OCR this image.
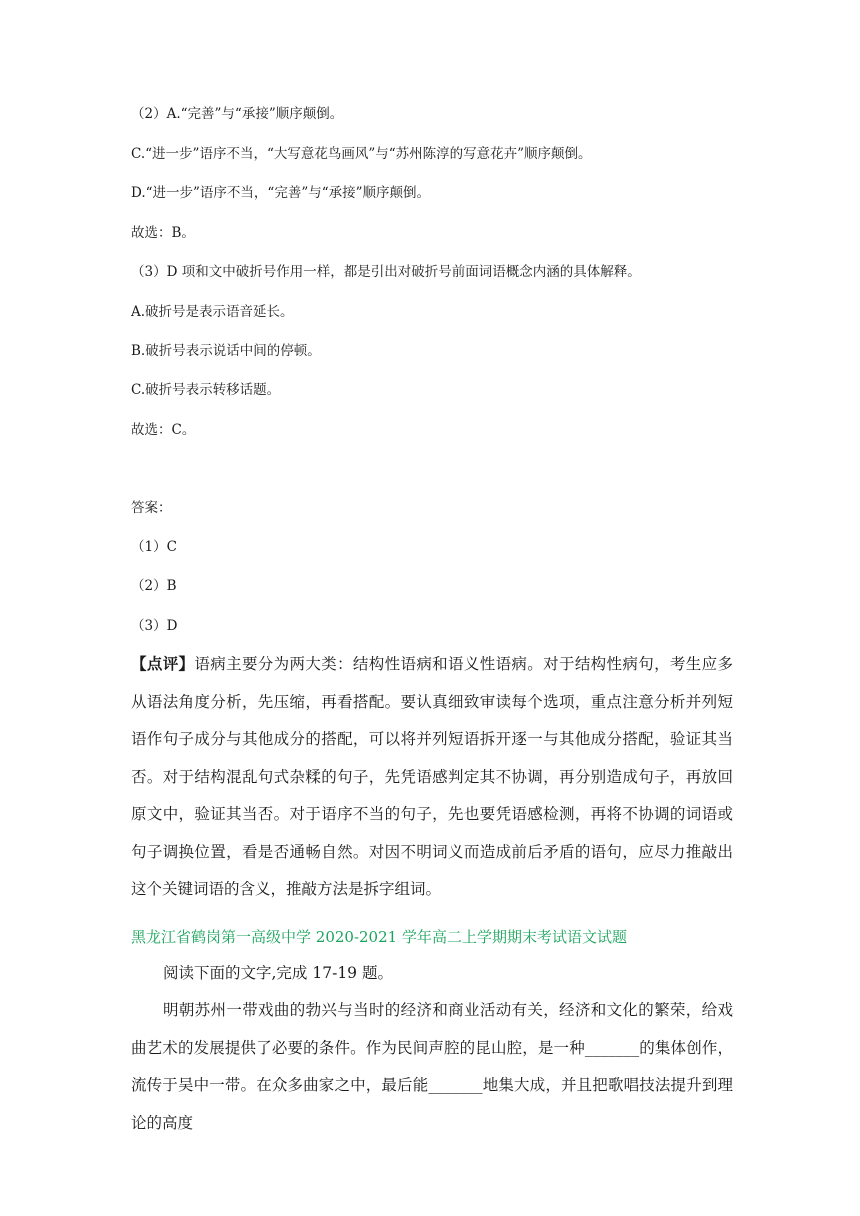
（2）A.“完善”与“承接”顺序颠倒。
C.“进一步”语序不当，“大写意花鸟画风”与“苏州陈淳的写意花卉”顺序颠倒。
D.“进一步”语序不当，“完善”与“承接”顺序颠倒。
故选：B。
（3）D 项和文中破折号作用一样，都是引出对破折号前面词语概念内涵的具体解释。
A.破折号是表示语音延长。
B.破折号表示说话中间的停顿。
C.破折号表示转移话题。
故选：C。
答案：
（1）C
（2）B
（3）D

【点评】语病主要分为两大类：结构性语病和语义性语病。对于结构性病句，考生应多从语法角度分析，先压缩，再看搭配。要认真细致审读每个选项，重点注意分析并列短语作句子成分与其他成分的搭配，可以将并列短语拆开逐一与其他成分搭配，验证其当否。对于结构混乱句式杂糅的句子，先凭语感判定其不协调，再分别造成句子，再放回原文中，验证其当否。对于语序不当的句子，先也要凭语感检测，再将不协调的词语或句子调换位置，看是否通畅自然。对因不明词义而造成前后矛盾的语句，应尽力推敲出这个关键词语的含义，推敲方法是拆字组词。

黑龙江省鹤岗第一高级中学 2020-2021 学年高二上学期期末考试语文试题

阅读下面的文字,完成 17-19 题。

明朝苏州一带戏曲的勃兴与当时的经济和商业活动有关，经济和文化的繁荣，给戏曲艺术的发展提供了必要的条件。作为民间声腔的昆山腔，是一种_______的集体创作，流传于吴中一带。在众多曲家之中，最后能_______地集大成，并且把歌唱技法提升到理论的高度
